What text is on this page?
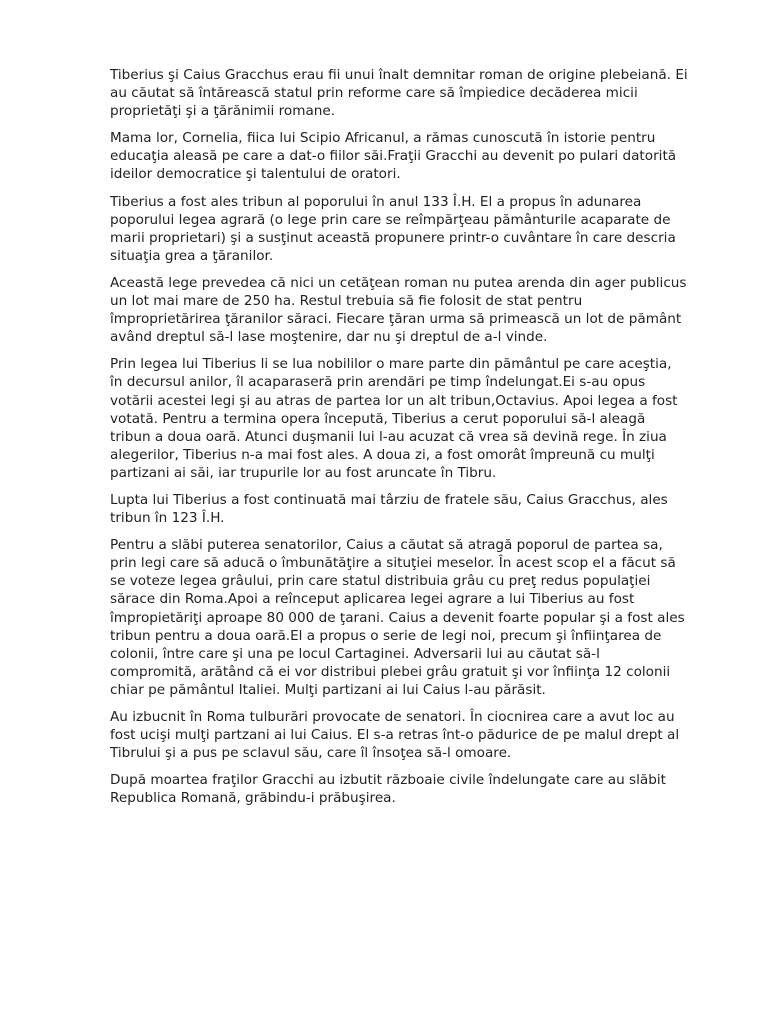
Tiberius şi Caius Gracchus erau fii unui înalt demnitar roman de origine plebeiană. Ei
au căutat să întărească statul prin reforme care să împiedice decăderea micii
proprietăţi şi a ţărănimii romane.

Mama lor, Cornelia, fiica lui Scipio Africanul, a rămas cunoscută în istorie pentru
educaţia aleasă pe care a dat-o fiilor săi.Fraţii Gracchi au devenit po pulari datorită
ideilor democratice şi talentului de oratori.

Tiberius a fost ales tribun al poporului în anul 133 Î.H. El a propus în adunarea
poporului legea agrară (o lege prin care se reîmpărţeau pământurile acaparate de
marii proprietari) şi a susţinut această propunere printr-o cuvântare în care descria
situaţia grea a ţăranilor.

Această lege prevedea că nici un cetăţean roman nu putea arenda din ager publicus
un lot mai mare de 250 ha. Restul trebuia să fie folosit de stat pentru
împroprietărirea ţăranilor săraci. Fiecare ţăran urma să primească un lot de pământ
având dreptul să-l lase moştenire, dar nu şi dreptul de a-l vinde.

Prin legea lui Tiberius li se lua nobililor o mare parte din pământul pe care aceştia,
în decursul anilor, îl acaparaseră prin arendări pe timp îndelungat.Ei s-au opus
votării acestei legi şi au atras de partea lor un alt tribun,Octavius. Apoi legea a fost
votată. Pentru a termina opera începută, Tiberius a cerut poporului să-l aleagă
tribun a doua oară. Atunci duşmanii lui l-au acuzat că vrea să devină rege. În ziua
alegerilor, Tiberius n-a mai fost ales. A doua zi, a fost omorât împreună cu mulţi
partizani ai săi, iar trupurile lor au fost aruncate în Tibru.

Lupta lui Tiberius a fost continuată mai târziu de fratele său, Caius Gracchus, ales
tribun în 123 Î.H.

Pentru a slăbi puterea senatorilor, Caius a căutat să atragă poporul de partea sa,
prin legi care să aducă o îmbunătăţire a situţiei meselor. În acest scop el a făcut să
se voteze legea grâului, prin care statul distribuia grâu cu preţ redus populaţiei
sărace din Roma.Apoi a reînceput aplicarea legei agrare a lui Tiberius au fost
împropietăriţi aproape 80 000 de ţarani. Caius a devenit foarte popular şi a fost ales
tribun pentru a doua oară.El a propus o serie de legi noi, precum şi înfiinţarea de
colonii, între care şi una pe locul Cartaginei. Adversarii lui au căutat să-l
compromită, arătând că ei vor distribui plebei grâu gratuit şi vor înfiinţa 12 colonii
chiar pe pământul Italiei. Mulţi partizani ai lui Caius l-au părăsit.

Au izbucnit în Roma tulburări provocate de senatori. În ciocnirea care a avut loc au
fost ucişi mulţi partzani ai lui Caius. El s-a retras înt-o pădurice de pe malul drept al
Tibrului şi a pus pe sclavul său, care îl însoţea să-l omoare.

După moartea fraţilor Gracchi au izbutit războaie civile îndelungate care au slăbit
Republica Romană, grăbindu-i prăbuşirea.
